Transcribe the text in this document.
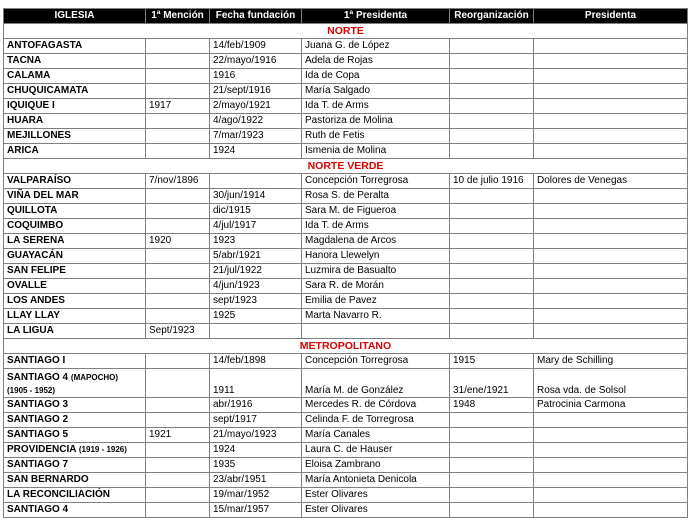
IGLESIA	1ª Mención	Fecha fundación	1ª Presidenta	Reorganización	Presidenta
NORTE					
ANTOFAGASTA		14/feb/1909	Juana G. de López		
TACNA		22/mayo/1916	Adela de Rojas		
CALAMA		1916	Ida de Copa		
CHUQUICAMATA		21/sept/1916	María Salgado		
IQUIQUE I	1917	2/mayo/1921	Ida T. de Arms		
HUARA		4/ago/1922	Pastoriza de Molina		
MEJILLONES		7/mar/1923	Ruth de Fetis		
ARICA		1924	Ismenia de Molina		
NORTE VERDE					
VALPARAÍSO	7/nov/1896		Concepción Torregrosa	10 de julio 1916	Dolores de Venegas
VIÑA DEL MAR		30/jun/1914	Rosa S. de Peralta		
QUILLOTA		dic/1915	Sara M. de Figueroa		
COQUIMBO		4/jul/1917	Ida T. de Arms		
LA SERENA	1920	1923	Magdalena de Arcos		
GUAYACÁN		5/abr/1921	Hanora Llewelyn		
SAN FELIPE		21/jul/1922	Luzmira de Basualto		
OVALLE		4/jun/1923	Sara R. de Morán		
LOS ANDES		sept/1923	Emilia de Pavez		
LLAY LLAY		1925	Marta Navarro R.		
LA LIGUA	Sept/1923				
METROPOLITANO					
SANTIAGO I		14/feb/1898	Concepción Torregrosa	1915	Mary de Schilling
SANTIAGO 4 (MAPOCHO)
(1905 - 1952)		1911	María M. de González	31/ene/1921	Rosa vda. de Solsol
SANTIAGO 3		abr/1916	Mercedes R. de Córdova	1948	Patrocinia Carmona
SANTIAGO 2		sept/1917	Celinda F. de Torregrosa		
SANTIAGO 5	1921	21/mayo/1923	María Canales		
PROVIDENCIA (1919 - 1926)		1924	Laura C. de Hauser		
SANTIAGO 7		1935	Eloisa Zambrano		
SAN BERNARDO		23/abr/1951	María Antonieta Denicola		
LA RECONCILIACIÓN		19/mar/1952	Ester Olivares		
SANTIAGO 4		15/mar/1957	Ester Olivares		
